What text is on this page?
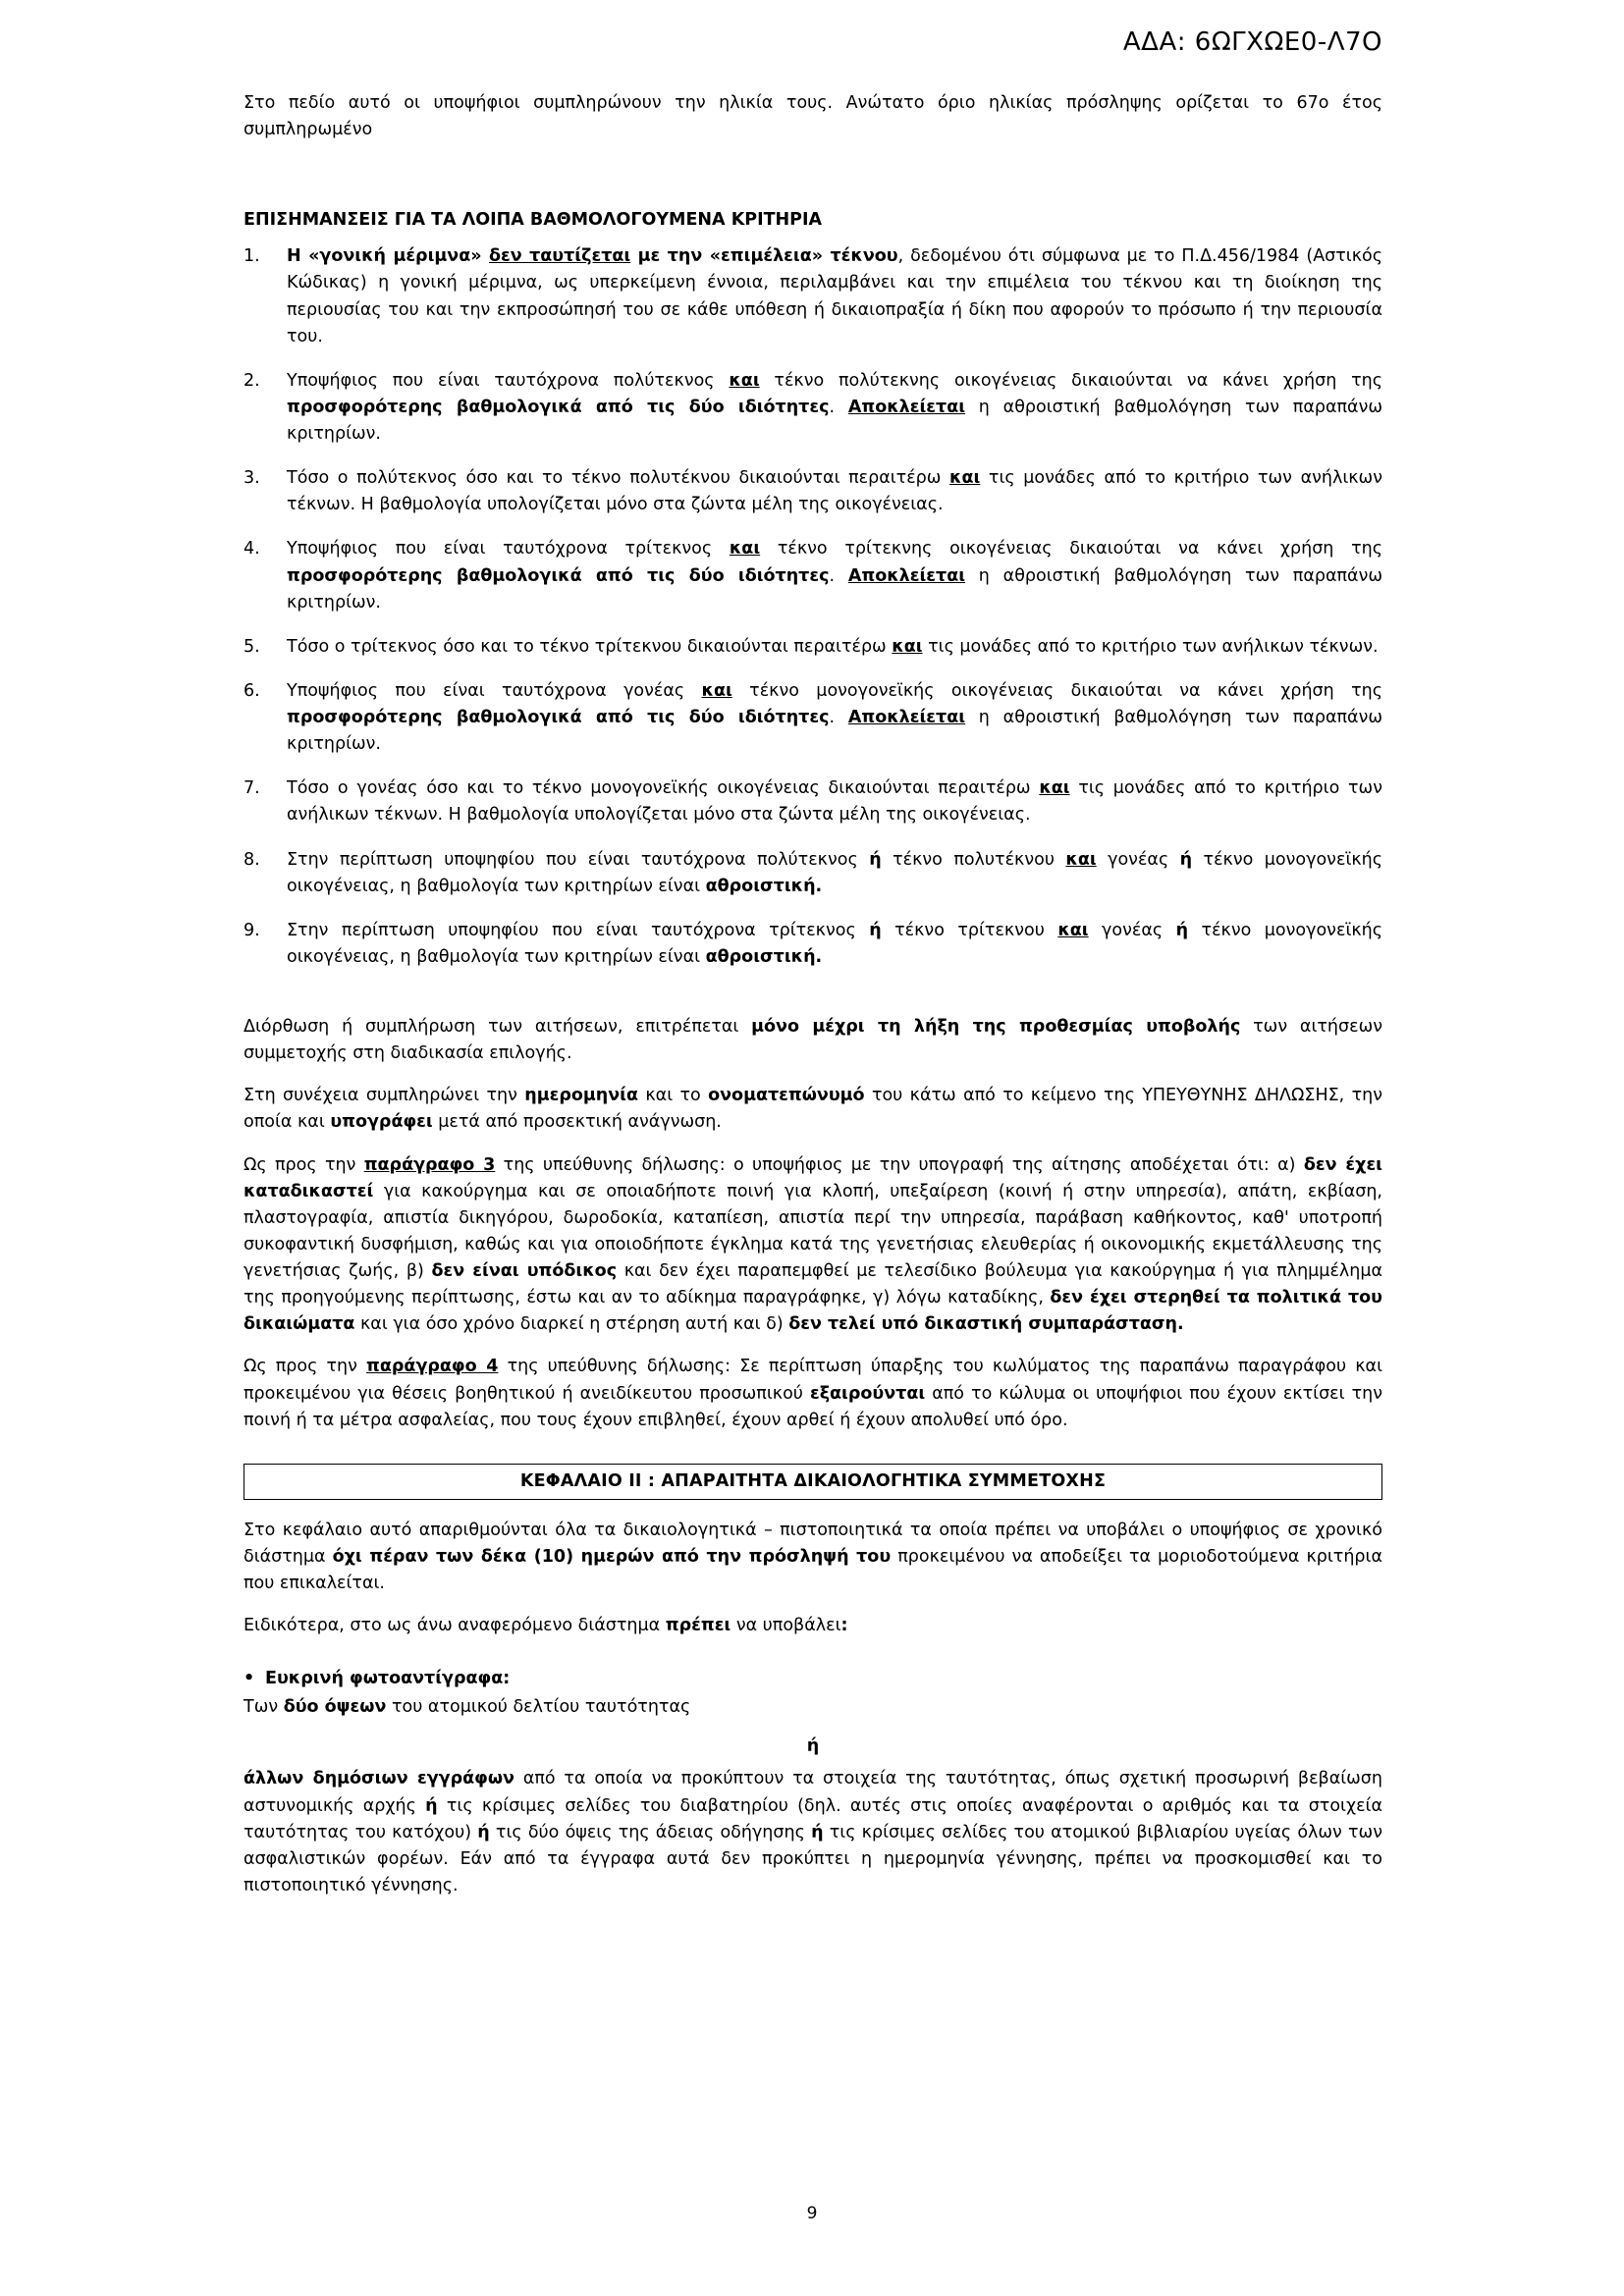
ΑΔΑ: 6ΩΓΧΩΕ0-Λ7Ο

Στο πεδίο αυτό οι υποψήφιοι συμπληρώνουν την ηλικία τους. Ανώτατο όριο ηλικίας πρόσληψης ορίζεται το 67ο έτος συμπληρωμένο

ΕΠΙΣΗΜΑΝΣΕΙΣ ΓΙΑ ΤΑ ΛΟΙΠΑ ΒΑΘΜΟΛΟΓΟΥΜΕΝΑ ΚΡΙΤΗΡΙΑ

1.	Η «γονική μέριμνα» δεν ταυτίζεται με την «επιμέλεια» τέκνου, δεδομένου ότι σύμφωνα με το Π.Δ.456/1984 (Αστικός Κώδικας) η γονική μέριμνα, ως υπερκείμενη έννοια, περιλαμβάνει και την επιμέλεια του τέκνου και τη διοίκηση της περιουσίας του και την εκπροσώπησή του σε κάθε υπόθεση ή δικαιοπραξία ή δίκη που αφορούν το πρόσωπο ή την περιουσία του.
2.	Υποψήφιος που είναι ταυτόχρονα πολύτεκνος και τέκνο πολύτεκνης οικογένειας δικαιούνται να κάνει χρήση της προσφορότερης βαθμολογικά από τις δύο ιδιότητες. Αποκλείεται η αθροιστική βαθμολόγηση των παραπάνω κριτηρίων.
3.	Τόσο ο πολύτεκνος όσο και το τέκνο πολυτέκνου δικαιούνται περαιτέρω και τις μονάδες από το κριτήριο των ανήλικων τέκνων. Η βαθμολογία υπολογίζεται μόνο στα ζώντα μέλη της οικογένειας.
4.	Υποψήφιος που είναι ταυτόχρονα τρίτεκνος και τέκνο τρίτεκνης οικογένειας δικαιούται να κάνει χρήση της προσφορότερης βαθμολογικά από τις δύο ιδιότητες. Αποκλείεται η αθροιστική βαθμολόγηση των παραπάνω κριτηρίων.
5.	Τόσο ο τρίτεκνος όσο και το τέκνο τρίτεκνου δικαιούνται περαιτέρω και τις μονάδες από το κριτήριο των ανήλικων τέκνων.
6.	Υποψήφιος που είναι ταυτόχρονα γονέας και τέκνο μονογονεϊκής οικογένειας δικαιούται να κάνει χρήση της προσφορότερης βαθμολογικά από τις δύο ιδιότητες. Αποκλείεται η αθροιστική βαθμολόγηση των παραπάνω κριτηρίων.
7.	Τόσο ο γονέας όσο και το τέκνο μονογονεϊκής οικογένειας δικαιούνται περαιτέρω και τις μονάδες από το κριτήριο των ανήλικων τέκνων. Η βαθμολογία υπολογίζεται μόνο στα ζώντα μέλη της οικογένειας.
8.	Στην περίπτωση υποψηφίου που είναι ταυτόχρονα πολύτεκνος ή τέκνο πολυτέκνου και γονέας ή τέκνο μονογονεϊκής οικογένειας, η βαθμολογία των κριτηρίων είναι αθροιστική.
9.	Στην περίπτωση υποψηφίου που είναι ταυτόχρονα τρίτεκνος ή τέκνο τρίτεκνου και γονέας ή τέκνο μονογονεϊκής οικογένειας, η βαθμολογία των κριτηρίων είναι αθροιστική.

Διόρθωση ή συμπλήρωση των αιτήσεων, επιτρέπεται μόνο μέχρι τη λήξη της προθεσμίας υποβολής των αιτήσεων συμμετοχής στη διαδικασία επιλογής.

Στη συνέχεια συμπληρώνει την ημερομηνία και το ονοματεπώνυμό του κάτω από το κείμενο της ΥΠΕΥΘΥΝΗΣ ΔΗΛΩΣΗΣ, την οποία και υπογράφει μετά από προσεκτική ανάγνωση.

Ως προς την παράγραφο 3 της υπεύθυνης δήλωσης: ο υποψήφιος με την υπογραφή της αίτησης αποδέχεται ότι: α) δεν έχει καταδικαστεί για κακούργημα και σε οποιαδήποτε ποινή για κλοπή, υπεξαίρεση (κοινή ή στην υπηρεσία), απάτη, εκβίαση, πλαστογραφία, απιστία δικηγόρου, δωροδοκία, καταπίεση, απιστία περί την υπηρεσία, παράβαση καθήκοντος, καθ' υποτροπή συκοφαντική δυσφήμιση, καθώς και για οποιοδήποτε έγκλημα κατά της γενετήσιας ελευθερίας ή οικονομικής εκμετάλλευσης της γενετήσιας ζωής, β) δεν είναι υπόδικος και δεν έχει παραπεμφθεί με τελεσίδικο βούλευμα για κακούργημα ή για πλημμέλημα της προηγούμενης περίπτωσης, έστω και αν το αδίκημα παραγράφηκε, γ) λόγω καταδίκης, δεν έχει στερηθεί τα πολιτικά του δικαιώματα και για όσο χρόνο διαρκεί η στέρηση αυτή και δ) δεν τελεί υπό δικαστική συμπαράσταση.

Ως προς την παράγραφο 4 της υπεύθυνης δήλωσης: Σε περίπτωση ύπαρξης του κωλύματος της παραπάνω παραγράφου και προκειμένου για θέσεις βοηθητικού ή ανειδίκευτου προσωπικού εξαιρούνται από το κώλυμα οι υποψήφιοι που έχουν εκτίσει την ποινή ή τα μέτρα ασφαλείας, που τους έχουν επιβληθεί, έχουν αρθεί ή έχουν απολυθεί υπό όρο.

ΚΕΦΑΛΑΙΟ ΙΙ : ΑΠΑΡΑΙΤΗΤΑ ΔΙΚΑΙΟΛΟΓΗΤΙΚΑ ΣΥΜΜΕΤΟΧΗΣ

Στο κεφάλαιο αυτό απαριθμούνται όλα τα δικαιολογητικά – πιστοποιητικά τα οποία πρέπει να υποβάλει ο υποψήφιος σε χρονικό διάστημα όχι πέραν των δέκα (10) ημερών από την πρόσληψή του προκειμένου να αποδείξει τα μοριοδοτούμενα κριτήρια που επικαλείται.

Ειδικότερα, στο ως άνω αναφερόμενο διάστημα πρέπει να υποβάλει:

• Ευκρινή φωτοαντίγραφα:

Των δύο όψεων του ατομικού δελτίου ταυτότητας

ή

άλλων δημόσιων εγγράφων από τα οποία να προκύπτουν τα στοιχεία της ταυτότητας, όπως σχετική προσωρινή βεβαίωση αστυνομικής αρχής ή τις κρίσιμες σελίδες του διαβατηρίου (δηλ. αυτές στις οποίες αναφέρονται ο αριθμός και τα στοιχεία ταυτότητας του κατόχου) ή τις δύο όψεις της άδειας οδήγησης ή τις κρίσιμες σελίδες του ατομικού βιβλιαρίου υγείας όλων των ασφαλιστικών φορέων. Εάν από τα έγγραφα αυτά δεν προκύπτει η ημερομηνία γέννησης, πρέπει να προσκομισθεί και το πιστοποιητικό γέννησης.

9
